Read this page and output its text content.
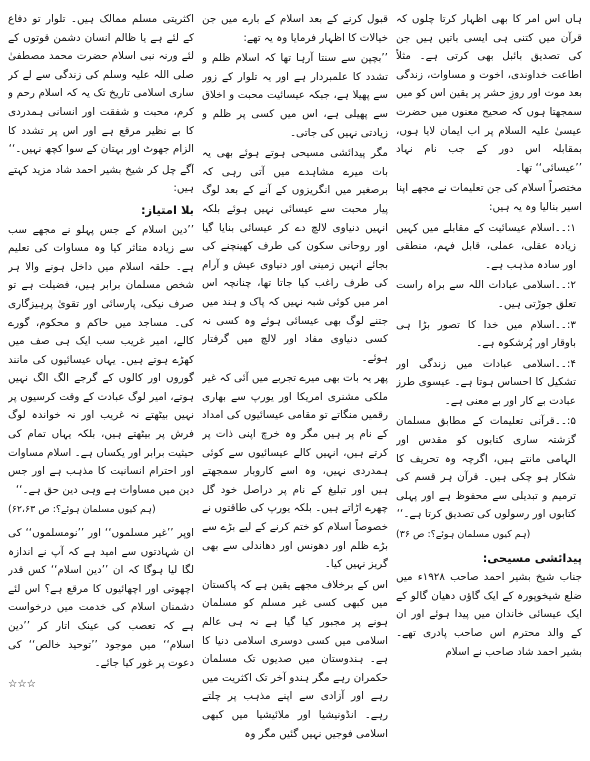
ہاں اس امر کا بھی اظہار کرتا چلوں کہ قرآن میں کتنی ہی ایسی باتیں ہیں جن کی تصدیق بائبل بھی کرتی ہے۔ مثلاً اطاعت خداوندی، اخوت و مساوات، زندگی بعد موت اور روزِ حشر پر یقین اس کو میں سمجھتا ہوں کہ صحیح معنوں میں حضرت عیسیٰ علیہ السلام پر اب ایمان لایا ہوں، بمقابلہ اس دور کے جب نام نہاد ’’عیسائی‘‘ تھا۔

مختصراً اسلام کی جن تعلیمات نے مجھے اپنا اسیر بنالیا وہ یہ ہیں:

۱:۔۔اسلام عیسائیت کے مقابلے میں کہیں زیادہ عقلی، عملی، قابل فہم، منطقی اور سادہ مذہب ہے۔

۲:۔۔اسلامی عبادات اللہ سے براہ راست تعلق جوڑتی ہیں۔

۳:۔۔اسلام میں خدا کا تصور بڑا ہی باوقار اور پُرشکوہ ہے۔

۴:۔۔اسلامی عبادات میں زندگی اور تشکیل کا احساس ہوتا ہے۔ عیسوی طرز عبادت بے کار اور بے معنی ہے۔

۵:۔۔قرآنی تعلیمات کے مطابق مسلمان گزشتہ ساری کتابوں کو مقدس اور الہامی مانتے ہیں، اگرچہ وہ تحریف کا شکار ہو چکی ہیں۔ قرآن ہر قسم کی ترمیم و تبدیلی سے محفوظ ہے اور پہلی کتابوں اور رسولوں کی تصدیق کرتا ہے۔‘‘

(ہم کیوں مسلمان ہوئے؟: ص ۳۶)

پیدائشی مسیحی:

جناب شیخ بشیر احمد صاحب ۱۹۲۸ء میں ضلع شیخوپورہ کے ایک گاؤں دھیان گالو کے ایک عیسائی خاندان میں پیدا ہوئے اور ان کے والد محترم اس صاحب پادری تھے۔ بشیر احمد شاد صاحب نے اسلام

قبول کرنے کے بعد اسلام کے بارے میں جن خیالات کا اظہار فرمایا وہ یہ تھے:

’’بچپن سے سنتا آرہا تھا کہ اسلام ظلم و تشدد کا علمبردار ہے اور یہ تلوار کے زور سے پھیلا ہے، جبکہ عیسائیت محبت و اخلاق سے پھیلی ہے، اس میں کسی پر ظلم و زیادتی نہیں کی جاتی۔

مگر پیدائشی مسیحی ہوتے ہوئے بھی یہ بات میرے مشاہدے میں آتی رہی کہ برصغیر میں انگریزوں کے آنے کے بعد لوگ پیار محبت سے عیسائی نہیں ہوئے بلکہ انہیں دنیاوی لالچ دے کر عیسائی بنایا گیا اور روحانی سکون کی طرف کھینچنے کی بجائے انہیں زمینی اور دنیاوی عیش و آرام کی طرف راغب کیا جاتا تھا، چنانچہ اس امر میں کوئی شبہ نہیں کہ پاک و ہند میں جتنے لوگ بھی عیسائی ہوئے وہ کسی نہ کسی دنیاوی مفاد اور لالچ میں گرفتار ہوئے۔

پھر یہ بات بھی میرے تجربے میں آئی کہ غیر ملکی مشنری امریکا اور یورپ سے بھاری رقمیں منگاتے تو مقامی عیسائیوں کی امداد کے نام پر ہیں مگر وہ خرچ اپنی ذات پر کرتے ہیں، انہیں کالے عیسائیوں سے کوئی ہمدردی نہیں، وہ اسے کاروبار سمجھتے ہیں اور تبلیغ کے نام پر دراصل خود گل چھرے اڑاتے ہیں۔ بلکہ یورپ کی طاقتوں نے خصوصاً اسلام کو ختم کرنے کے لیے بڑے سے بڑے ظلم اور دھونس اور دھاندلی سے بھی گریز نہیں کیا۔

اس کے برخلاف مجھے یقین ہے کہ پاکستان میں کبھی کسی غیر مسلم کو مسلمان ہونے پر مجبور کیا گیا ہے نہ ہی عالم اسلامی میں کسی دوسری اسلامی دنیا کا ہے۔ ہندوستان میں صدیوں تک مسلمان حکمران رہے مگر ہندو آخر تک اکثریت میں رہے اور آزادی سے اپنے مذہب پر چلتے رہے۔ انڈونیشیا اور ملائیشیا میں کبھی اسلامی فوجیں نہیں گئیں مگر وہ

اکثریتی مسلم ممالک ہیں۔ تلوار تو دفاع کے لئے ہے یا ظالم انسان دشمن قوتوں کے لئے ورنہ نبی اسلام حضرت محمد مصطفیٰ صلی اللہ علیہ وسلم کی زندگی سے لے کر ساری اسلامی تاریخ تک یہ کہ اسلام رحم و کرم، محبت و شفقت اور انسانی ہمدردی کا بے نظیر مرقع ہے اور اس پر تشدد کا الزام جھوٹ اور بہتان کے سوا کچھ نہیں۔‘‘

آگے چل کر شیخ بشیر احمد شاد مزید کہتے ہیں:

بلا امتیاز:

’’دین اسلام کے جس پہلو نے مجھے سب سے زیادہ متاثر کیا وہ مساوات کی تعلیم ہے۔ حلقہ اسلام میں داخل ہونے والا ہر شخص مسلمان برابر ہیں، فضیلت ہے تو صرف نیکی، پارسائی اور تقویٰ پرہیزگاری کی۔ مساجد میں حاکم و محکوم، گورے کالے، امیر غریب سب ایک ہی صف میں کھڑے ہوتے ہیں۔ یہاں عیسائیوں کی مانند گوروں اور کالوں کے گرجے الگ الگ نہیں ہوتے، امیر لوگ عبادت کے وقت کرسیوں پر نہیں بیٹھتے نہ غریب اور نہ خواندہ لوگ فرش پر بیٹھتے ہیں، بلکہ یہاں تمام کی حیثیت برابر اور یکساں ہے۔ اسلام مساوات اور احترام انسانیت کا مذہب ہے اور جس دین میں مساوات ہے وہی دین حق ہے۔‘‘

(ہم کیوں مسلمان ہوئے؟: ص ۶۲،۶۳)

اوپر ’’غیر مسلموں‘‘ اور ’’نومسلموں‘‘ کی ان شہادتوں سے امید ہے کہ آپ نے اندازہ لگا لیا ہوگا کہ ان ’’دین اسلام‘‘ کس قدر اچھوتی اور اچھائیوں کا مرقع ہے؟ اس لئے دشمنان اسلام کی خدمت میں درخواست ہے کہ تعصب کی عینک اتار کر ’’دین اسلام‘‘ میں موجود ’’توحید خالص‘‘ کی دعوت پر غور کیا جائے۔

☆☆☆
